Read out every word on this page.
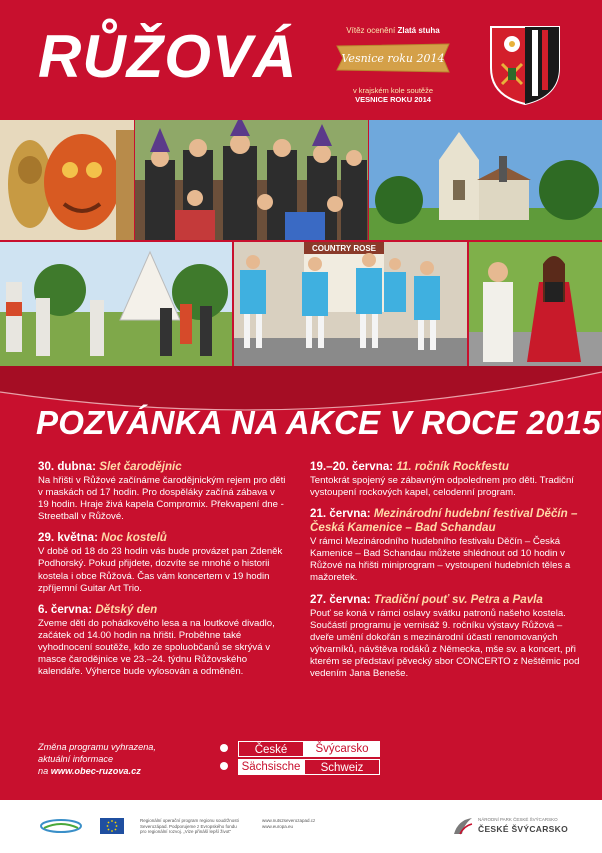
RŮŽOVÁ	Vítěz ocenění Zlatá stuha
Vesnice roku 2014
v krajském kole soutěže
VESNICE ROKU 2014
COUNTRY ROSE
POZVÁNKA NA AKCE V ROCE 2015
30. dubna: Slet čarodějnic
Na hřišti v Růžové začínáme čarodějnickým rejem pro děti v maskách od 17 hodin. Pro dospěláky začíná zábava v 19 hodin. Hraje živá kapela Compromix. Překvapení dne - Streetball v Růžové.
29. května: Noc kostelů
V době od 18 do 23 hodin vás bude provázet pan Zdeněk Podhorský. Pokud přijdete, dozvíte se mnohé o historii kostela i obce Růžová. Čas vám koncertem v 19 hodin zpříjemní Guitar Art Trio.
6. června: Dětský den
Zveme děti do pohádkového lesa a na loutkové divadlo, začátek od 14.00 hodin na hřišti. Proběhne také vyhodnocení soutěže, kdo ze spoluobčanů se skrývá v masce čarodějnice ve 23.–24. týdnu Růžovského kalendáře. Výherce bude vylosován a odměněn.
19.–20. června: 11. ročník Rockfestu
Tentokrát spojený se zábavným odpolednem pro děti. Tradiční vystoupení rockových kapel, celodenní program.
21. června: Mezinárodní hudební festival Děčín – Česká Kamenice – Bad Schandau
V rámci Mezinárodního hudebního festivalu Děčín – Česká Kamenice – Bad Schandau můžete shlédnout od 10 hodin v Růžové na hřišti miniprogram – vystoupení hudebních těles a mažoretek.
27. června: Tradiční pouť sv. Petra a Pavla
Pouť se koná v rámci oslavy svátku patronů našeho kostela. Součástí programu je vernisáž 9. ročníku výstavy Růžová – dveře umění dokořán s mezinárodní účastí renomovaných výtvarníků, návštěva rodáků z Německa, mše sv. a koncert, při kterém se představí pěvecký sbor CONCERTO z Neštěmic pod vedením Jana Beneše.
Změna programu vyhrazena,
aktuální informace
na www.obec-ruzova.cz
České	Švýcarsko
Sächsische	Schweiz
Regionální operační program regionu soudržnosti Severozápad. Podporujeme z Evropského fondu pro regionální rozvoj. „Vize přináší lepší život"
www.nuts2severozapad.cz www.europa.eu
NÁRODNÍ PARK ČESKÉ ŠVÝCARSKO
ČESKÉ ŠVÝCARSKO
